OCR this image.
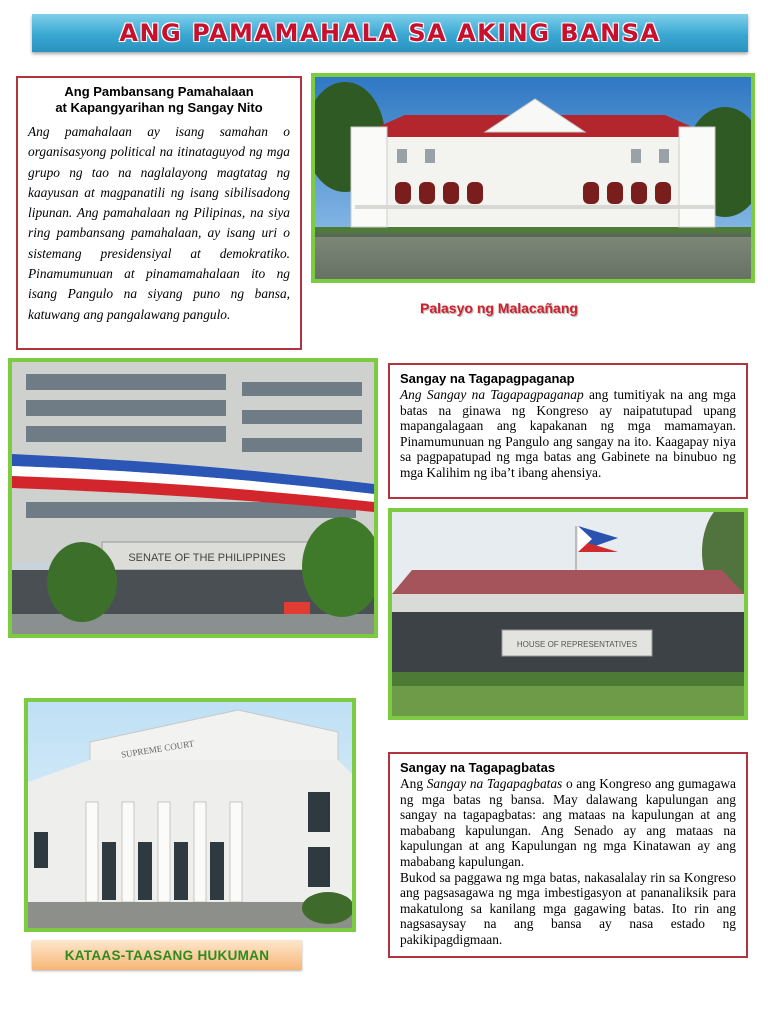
ANG PAMAMAHALA SA AKING BANSA
Ang Pambansang Pamahalaan
at Kapangyarihan ng Sangay Nito
Ang pamahalaan ay isang samahan o organisasyong political na itinataguyod ng mga grupo ng tao na naglalayong magtatag ng kaayusan at magpanatili ng isang sibilisadong lipunan. Ang pamahalaan ng Pilipinas, na siya ring pambansang pamahalaan, ay isang uri o sistemang presidensiyal at demokratiko. Pinamumunuan at pinamamahalaan ito ng isang Pangulo na siyang puno ng bansa, katuwang ang pangalawang pangulo.	Palasyo ng Malacañang
SENATE OF THE PHILIPPINES
Sangay na Tagapagpaganap
Ang Sangay na Tagapagpaganap ang tumitiyak na ang mga batas na ginawa ng Kongreso ay naipatutupad upang mapangalagaan ang kapakanan ng mga mamamayan. Pinamumunuan ng Pangulo ang sangay na ito. Kaagapay niya sa pagpapatupad ng mga batas ang Gabinete na binubuo ng mga Kalihim ng iba’t ibang ahensiya.
HOUSE OF REPRESENTATIVES
SUPREME COURT
Sangay na Tagapagbatas
Ang Sangay na Tagapagbatas o ang Kongreso ang gumagawa ng mga batas ng bansa. May dalawang kapulungan ang sangay na tagapagbatas: ang mataas na kapulungan at ang mababang kapulungan. Ang Senado ay ang mataas na kapulungan at ang Kapulungan ng mga Kinatawan ay ang mababang kapulungan.
Bukod sa paggawa ng mga batas, nakasalalay rin sa Kongreso ang pagsasagawa ng mga imbestigasyon at pananaliksik para makatulong sa kanilang mga gagawing batas. Ito rin ang nagsasaysay na ang bansa ay nasa estado ng pakikipagdigmaan.
KATAAS-TAASANG HUKUMAN
